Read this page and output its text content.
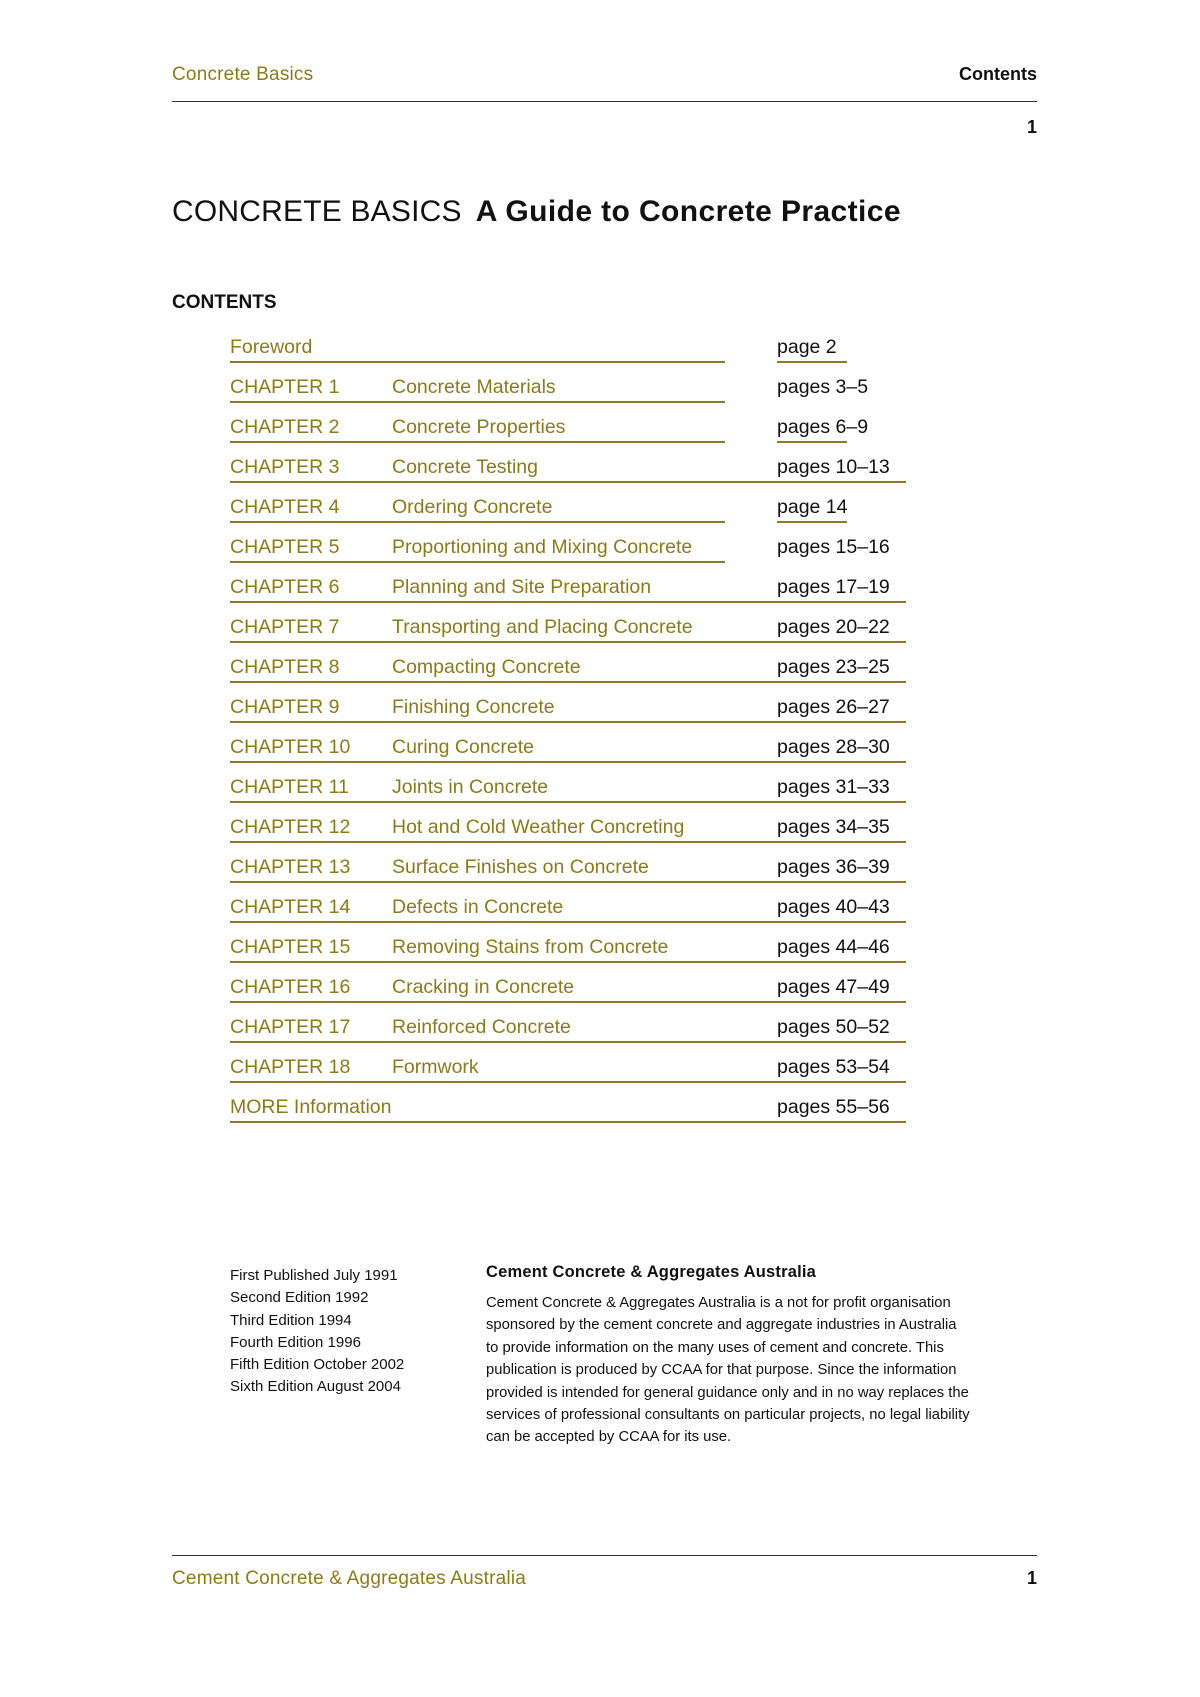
Concrete Basics	Contents
1
CONCRETE BASICS A Guide to Concrete Practice
CONTENTS
Foreword	page 2
CHAPTER 1	Concrete Materials	pages 3–5
CHAPTER 2	Concrete Properties	pages 6–9
CHAPTER 3	Concrete Testing	pages 10–13
CHAPTER 4	Ordering Concrete	page 14
CHAPTER 5	Proportioning and Mixing Concrete	pages 15–16
CHAPTER 6	Planning and Site Preparation	pages 17–19
CHAPTER 7	Transporting and Placing Concrete	pages 20–22
CHAPTER 8	Compacting Concrete	pages 23–25
CHAPTER 9	Finishing Concrete	pages 26–27
CHAPTER 10 Curing Concrete	pages 28–30
CHAPTER 11 Joints in Concrete	pages 31–33
CHAPTER 12 Hot and Cold Weather Concreting	pages 34–35
CHAPTER 13 Surface Finishes on Concrete	pages 36–39
CHAPTER 14 Defects in Concrete	pages 40–43
CHAPTER 15 Removing Stains from Concrete	pages 44–46
CHAPTER 16 Cracking in Concrete	pages 47–49
CHAPTER 17 Reinforced Concrete	pages 50–52
CHAPTER 18 Formwork	pages 53–54
MORE Information	pages 55–56
First Published July 1991
Second Edition 1992
Third Edition 1994
Fourth Edition 1996
Fifth Edition October 2002
Sixth Edition August 2004
Cement Concrete & Aggregates Australia
Cement Concrete & Aggregates Australia is a not for profit organisation
sponsored by the cement concrete and aggregate industries in Australia
to provide information on the many uses of cement and concrete. This
publication is produced by CCAA for that purpose. Since the information
provided is intended for general guidance only and in no way replaces the
services of professional consultants on particular projects, no legal liability
can be accepted by CCAA for its use.
Cement Concrete & Aggregates Australia	1
